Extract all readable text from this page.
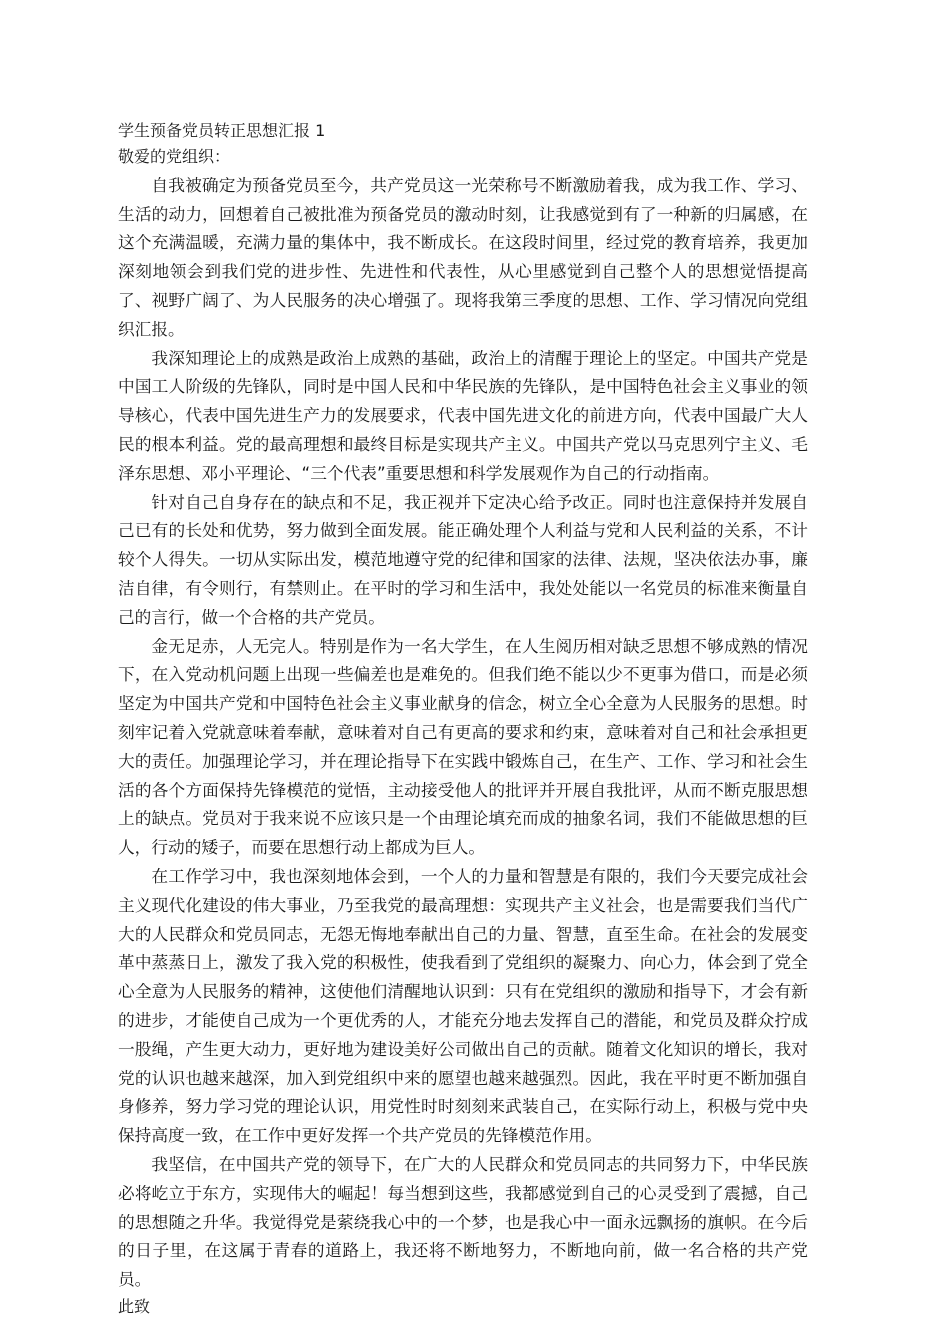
学生预备党员转正思想汇报 1

敬爱的党组织：

自我被确定为预备党员至今，共产党员这一光荣称号不断激励着我，成为我工作、学习、生活的动力，回想着自己被批准为预备党员的激动时刻，让我感觉到有了一种新的归属感，在这个充满温暖，充满力量的集体中，我不断成长。在这段时间里，经过党的教育培养，我更加深刻地领会到我们党的进步性、先进性和代表性，从心里感觉到自己整个人的思想觉悟提高了、视野广阔了、为人民服务的决心增强了。现将我第三季度的思想、工作、学习情况向党组织汇报。

我深知理论上的成熟是政治上成熟的基础，政治上的清醒于理论上的坚定。中国共产党是中国工人阶级的先锋队，同时是中国人民和中华民族的先锋队，是中国特色社会主义事业的领导核心，代表中国先进生产力的发展要求，代表中国先进文化的前进方向，代表中国最广大人民的根本利益。党的最高理想和最终目标是实现共产主义。中国共产党以马克思列宁主义、毛泽东思想、邓小平理论、“三个代表”重要思想和科学发展观作为自己的行动指南。

针对自己自身存在的缺点和不足，我正视并下定决心给予改正。同时也注意保持并发展自己已有的长处和优势，努力做到全面发展。能正确处理个人利益与党和人民利益的关系，不计较个人得失。一切从实际出发，模范地遵守党的纪律和国家的法律、法规，坚决依法办事，廉洁自律，有令则行，有禁则止。在平时的学习和生活中，我处处能以一名党员的标准来衡量自己的言行，做一个合格的共产党员。

金无足赤，人无完人。特别是作为一名大学生，在人生阅历相对缺乏思想不够成熟的情况下，在入党动机问题上出现一些偏差也是难免的。但我们绝不能以少不更事为借口，而是必须坚定为中国共产党和中国特色社会主义事业献身的信念，树立全心全意为人民服务的思想。时刻牢记着入党就意味着奉献，意味着对自己有更高的要求和约束，意味着对自己和社会承担更大的责任。加强理论学习，并在理论指导下在实践中锻炼自己，在生产、工作、学习和社会生活的各个方面保持先锋模范的觉悟，主动接受他人的批评并开展自我批评，从而不断克服思想上的缺点。党员对于我来说不应该只是一个由理论填充而成的抽象名词，我们不能做思想的巨人，行动的矮子，而要在思想行动上都成为巨人。

在工作学习中，我也深刻地体会到，一个人的力量和智慧是有限的，我们今天要完成社会主义现代化建设的伟大事业，乃至我党的最高理想：实现共产主义社会，也是需要我们当代广大的人民群众和党员同志，无怨无悔地奉献出自己的力量、智慧，直至生命。在社会的发展变革中蒸蒸日上，激发了我入党的积极性，使我看到了党组织的凝聚力、向心力，体会到了党全心全意为人民服务的精神，这使他们清醒地认识到：只有在党组织的激励和指导下，才会有新的进步，才能使自己成为一个更优秀的人，才能充分地去发挥自己的潜能，和党员及群众拧成一股绳，产生更大动力，更好地为建设美好公司做出自己的贡献。随着文化知识的增长，我对党的认识也越来越深，加入到党组织中来的愿望也越来越强烈。因此，我在平时更不断加强自身修养，努力学习党的理论认识，用党性时时刻刻来武装自己，在实际行动上，积极与党中央保持高度一致，在工作中更好发挥一个共产党员的先锋模范作用。

我坚信，在中国共产党的领导下，在广大的人民群众和党员同志的共同努力下，中华民族必将屹立于东方，实现伟大的崛起！每当想到这些，我都感觉到自己的心灵受到了震撼，自己的思想随之升华。我觉得党是萦绕我心中的一个梦，也是我心中一面永远飘扬的旗帜。在今后的日子里，在这属于青春的道路上，我还将不断地努力，不断地向前，做一名合格的共产党员。

此致
